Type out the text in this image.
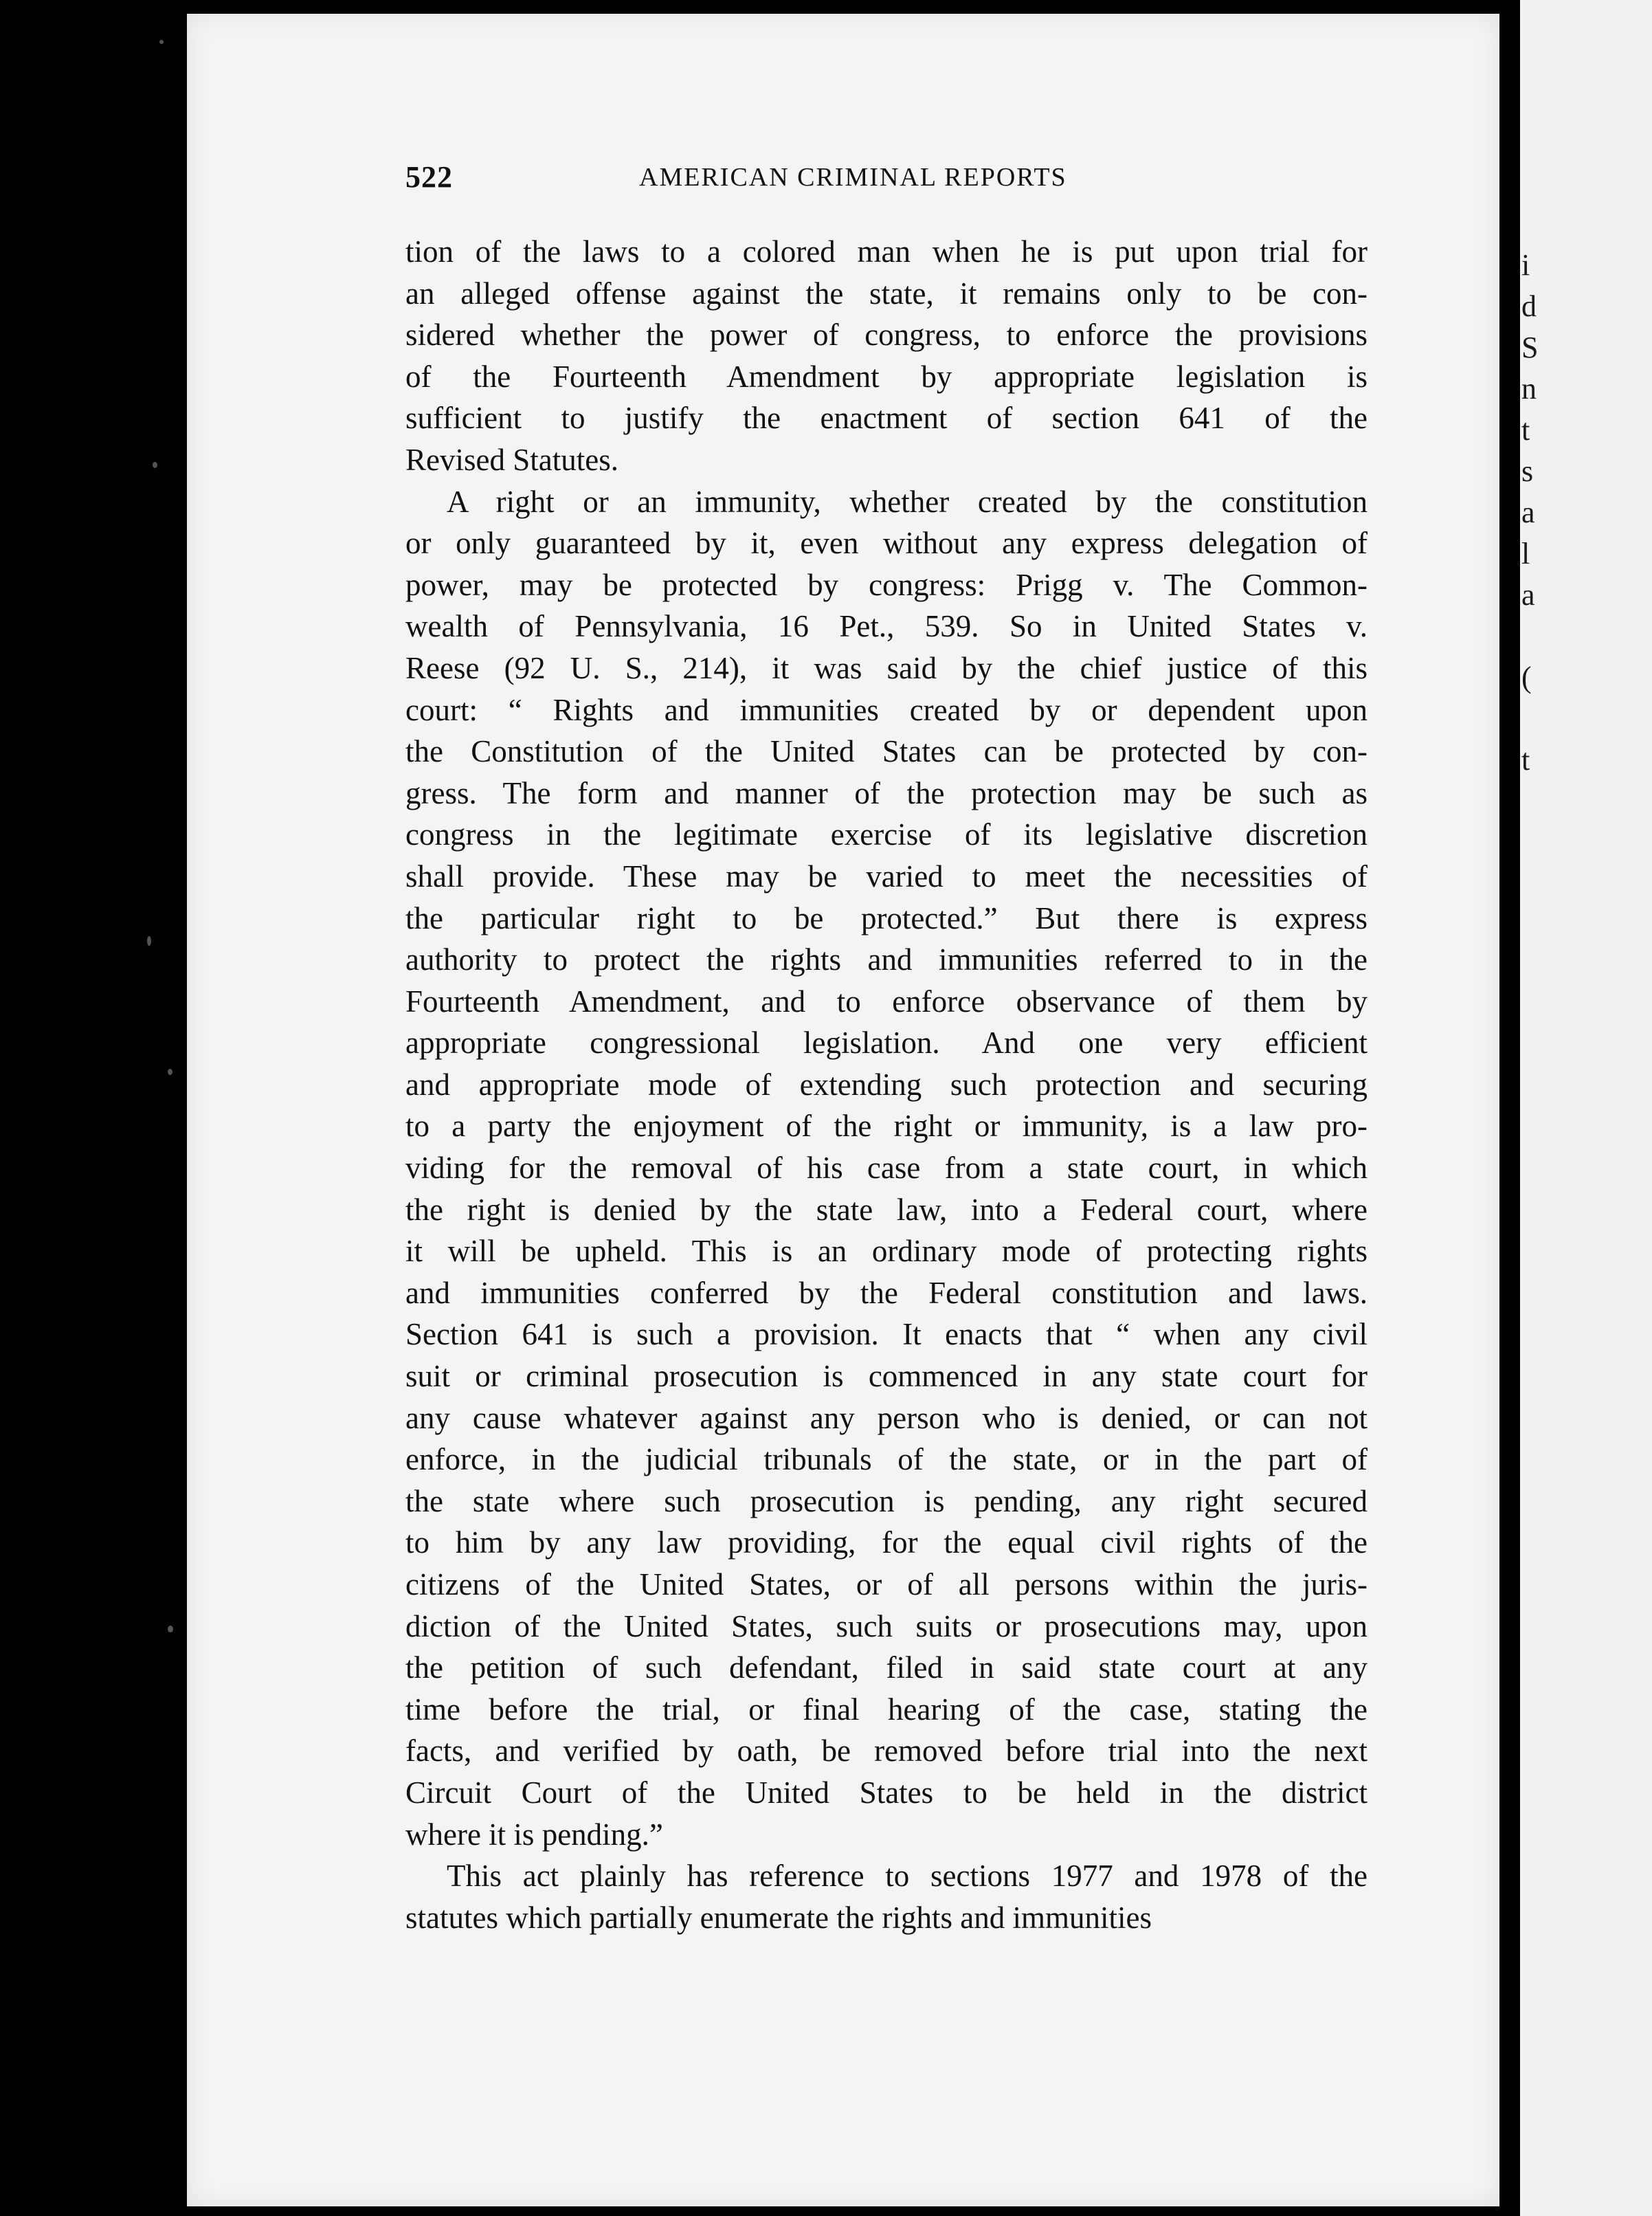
i
d
S
n
t
s
a
l
a
(
t
522	AMERICAN CRIMINAL REPORTS

tion of the laws to a colored man when he is put upon trial for
an alleged offense against the state, it remains only to be con-
sidered whether the power of congress, to enforce the provisions
of the Fourteenth Amendment by appropriate legislation is
sufficient to justify the enactment of section 641 of the
Revised Statutes.

A right or an immunity, whether created by the constitution
or only guaranteed by it, even without any express delegation of
power, may be protected by congress: Prigg v. The Common-
wealth of Pennsylvania, 16 Pet., 539. So in United States v.
Reese (92 U. S., 214), it was said by the chief justice of this
court: “ Rights and immunities created by or dependent upon
the Constitution of the United States can be protected by con-
gress. The form and manner of the protection may be such as
congress in the legitimate exercise of its legislative discretion
shall provide. These may be varied to meet the necessities of
the particular right to be protected.” But there is express
authority to protect the rights and immunities referred to in the
Fourteenth Amendment, and to enforce observance of them by
appropriate congressional legislation. And one very efficient
and appropriate mode of extending such protection and securing
to a party the enjoyment of the right or immunity, is a law pro-
viding for the removal of his case from a state court, in which
the right is denied by the state law, into a Federal court, where
it will be upheld. This is an ordinary mode of protecting rights
and immunities conferred by the Federal constitution and laws.
Section 641 is such a provision. It enacts that “ when any civil
suit or criminal prosecution is commenced in any state court for
any cause whatever against any person who is denied, or can not
enforce, in the judicial tribunals of the state, or in the part of
the state where such prosecution is pending, any right secured
to him by any law providing, for the equal civil rights of the
citizens of the United States, or of all persons within the juris-
diction of the United States, such suits or prosecutions may, upon
the petition of such defendant, filed in said state court at any
time before the trial, or final hearing of the case, stating the
facts, and verified by oath, be removed before trial into the next
Circuit Court of the United States to be held in the district
where it is pending.”

This act plainly has reference to sections 1977 and 1978 of the
statutes which partially enumerate the rights and immunities
